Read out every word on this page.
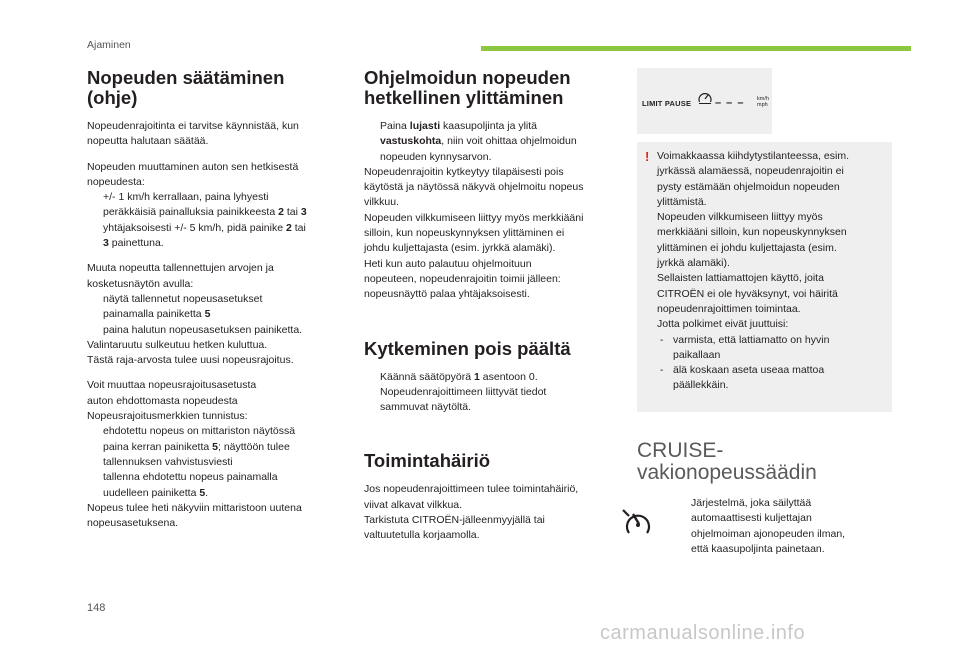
Ajaminen
Nopeuden säätäminen
(ohje)

Nopeudenrajoitinta ei tarvitse käynnistää, kun
nopeutta halutaan säätää.

Nopeuden muuttaminen auton sen hetkisestä
nopeudesta:
+/- 1 km/h kerrallaan, paina lyhyesti
peräkkäisiä painalluksia painikkeesta 2 tai 3
yhtäjaksoisesti +/- 5 km/h, pidä painike 2 tai
3 painettuna.
Muuta nopeutta tallennettujen arvojen ja
kosketusnäytön avulla:
näytä tallennetut nopeusasetukset
painamalla painiketta 5
paina halutun nopeusasetuksen painiketta.
Valintaruutu sulkeutuu hetken kuluttua.
Tästä raja-arvosta tulee uusi nopeusrajoitus.
Voit muuttaa nopeusrajoitusasetusta
auton ehdottomasta nopeudesta
Nopeusrajoitusmerkkien tunnistus:
ehdotettu nopeus on mittariston näytössä
paina kerran painiketta 5; näyttöön tulee
tallennuksen vahvistusviesti
tallenna ehdotettu nopeus painamalla
uudelleen painiketta 5.
Nopeus tulee heti näkyviin mittaristoon uutena
nopeusasetuksena.
Ohjelmoidun nopeuden
hetkellinen ylittäminen
Paina lujasti kaasupoljinta ja ylitä
vastuskohta, niin voit ohittaa ohjelmoidun
nopeuden kynnysarvon.
Nopeudenrajoitin kytkeytyy tilapäisesti pois
käytöstä ja näytössä näkyvä ohjelmoitu nopeus
vilkkuu.
Nopeuden vilkkumiseen liittyy myös merkkiääni
silloin, kun nopeuskynnyksen ylittäminen ei
johdu kuljettajasta (esim. jyrkkä alamäki).
Heti kun auto palautuu ohjelmoituun
nopeuteen, nopeudenrajoitin toimii jälleen:
nopeusnäyttö palaa yhtäjaksoisesti.
Kytkeminen pois päältä
Käännä säätöpyörä 1 asentoon 0.
Nopeudenrajoittimeen liittyvät tiedot
sammuvat näytöltä.
Toimintahäiriö
Jos nopeudenrajoittimeen tulee toimintahäiriö,
viivat alkavat vilkkua.
Tarkistuta CITROËN-jälleenmyyjällä tai
valtuutetulla korjaamolla.
LIMIT PAUSE – – – km/h
mph
! Voimakkaassa kiihdytystilanteessa, esim.
jyrkässä alamäessä, nopeudenrajoitin ei
pysty estämään ohjelmoidun nopeuden
ylittämistä.
Nopeuden vilkkumiseen liittyy myös
merkkiääni silloin, kun nopeuskynnyksen
ylittäminen ei johdu kuljettajasta (esim.
jyrkkä alamäki).
Sellaisten lattiamattojen käyttö, joita
CITROËN ei ole hyväksynyt, voi häiritä
nopeudenrajoittimen toimintaa.
Jotta polkimet eivät juuttuisi:
- varmista, että lattiamatto on hyvin
paikallaan
- älä koskaan aseta useaa mattoa
päällekkäin.
CRUISE-
vakionopeussäädin
Järjestelmä, joka säilyttää
automaattisesti kuljettajan
ohjelmoiman ajonopeuden ilman,
että kaasupoljinta painetaan.
148
carmanualsonline.info
